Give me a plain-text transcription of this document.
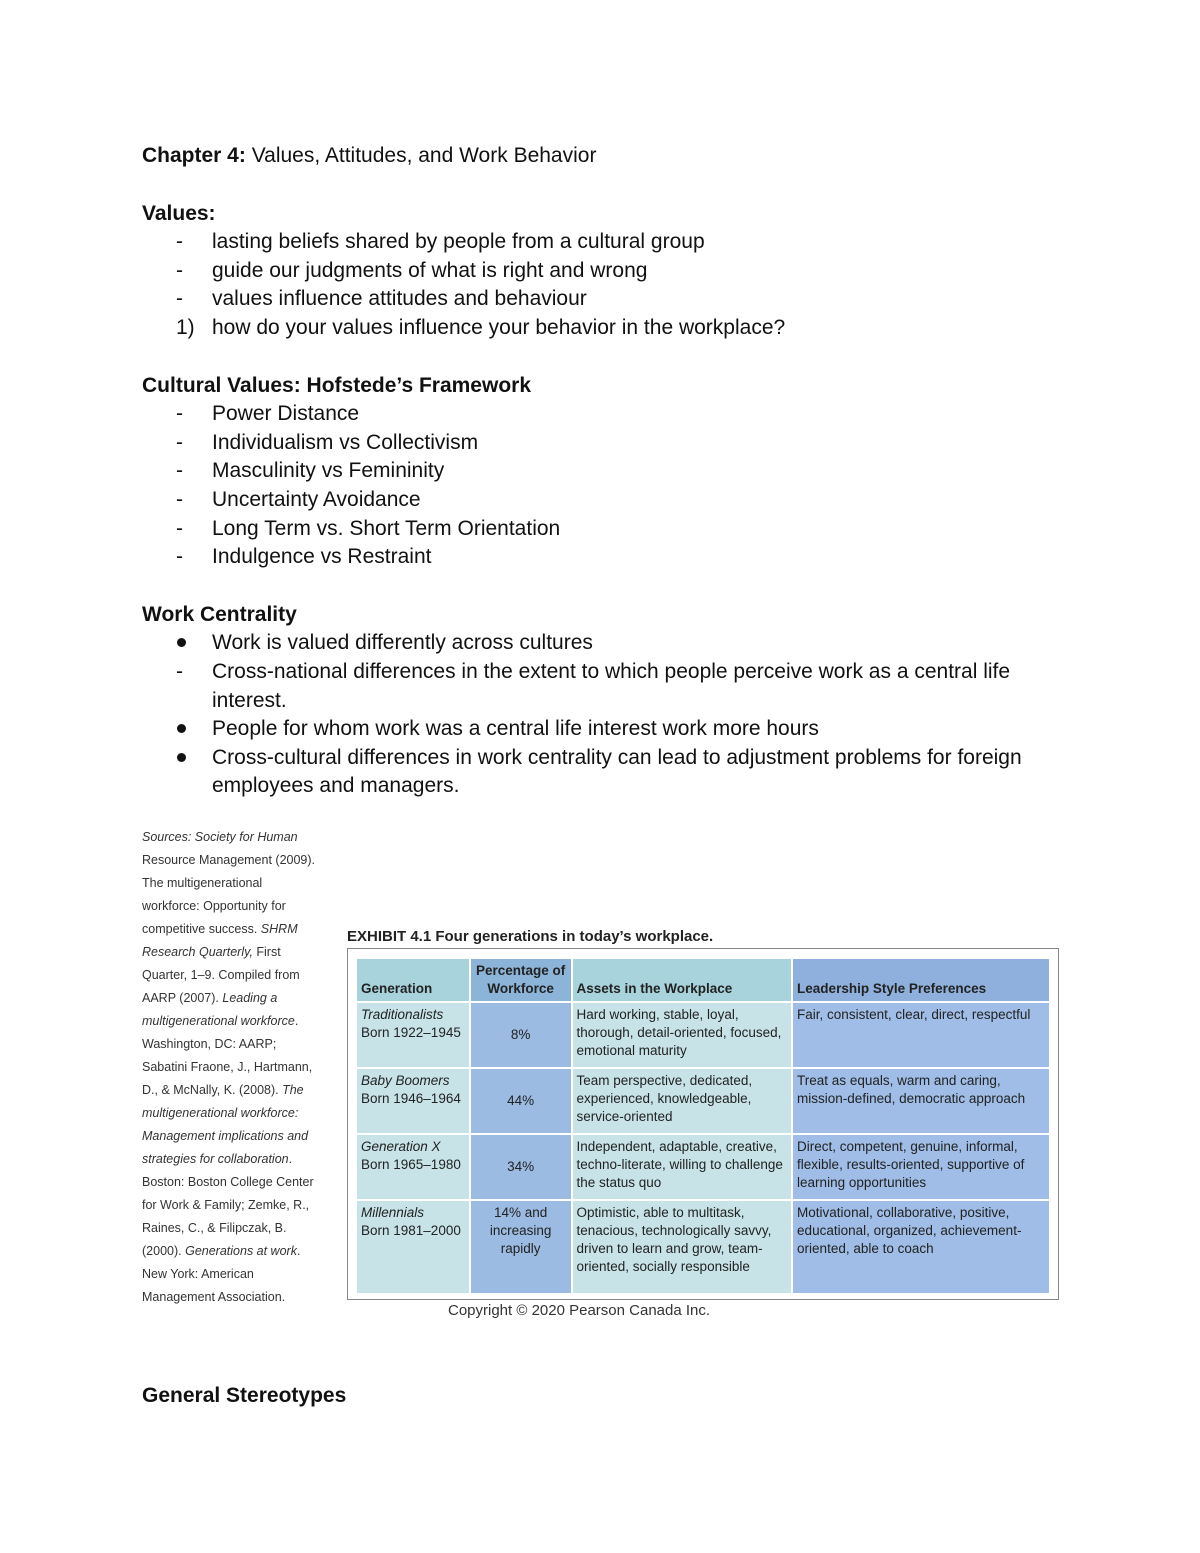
Chapter 4: Values, Attitudes, and Work Behavior

Values:
-	lasting beliefs shared by people from a cultural group
-	guide our judgments of what is right and wrong
-	values influence attitudes and behaviour
1) how do your values influence your behavior in the workplace?
Cultural Values: Hofstede’s Framework
-	Power Distance
-	Individualism vs Collectivism
-	Masculinity vs Femininity
-	Uncertainty Avoidance
-	Long Term vs. Short Term Orientation
-	Indulgence vs Restraint
Work Centrality
Work is valued differently across cultures
-	Cross-national differences in the extent to which people perceive work as a central life interest.
People for whom work was a central life interest work more hours
Cross-cultural differences in work centrality can lead to adjustment problems for foreign employees and managers.
Sources: Society for Human
Resource Management (2009).
The multigenerational
workforce: Opportunity for
competitive success. SHRM
Research Quarterly, First
Quarter, 1–9. Compiled from
AARP (2007). Leading a
multigenerational workforce.
Washington, DC: AARP;
Sabatini Fraone, J., Hartmann,
D., & McNally, K. (2008). The
multigenerational workforce:
Management implications and
strategies for collaboration.
Boston: Boston College Center
for Work & Family; Zemke, R.,
Raines, C., & Filipczak, B.
(2000). Generations at work.
New York: American
Management Association.
EXHIBIT 4.1 Four generations in today’s workplace.
Generation	Percentage of Workforce	Assets in the Workplace	Leadership Style Preferences

Traditionalists
Born 1922–1945	8%	Hard working, stable, loyal, thorough, detail-oriented, focused, emotional maturity	Fair, consistent, clear, direct, respectful

Baby Boomers
Born 1946–1964	44%	Team perspective, dedicated, experienced, knowledgeable, service-oriented	Treat as equals, warm and caring, mission-defined, democratic approach

Generation X
Born 1965–1980	34%	Independent, adaptable, creative, techno-literate, willing to challenge the status quo	Direct, competent, genuine, informal, flexible, results-oriented, supportive of learning opportunities

Millennials
Born 1981–2000	14% and increasing rapidly	Optimistic, able to multitask, tenacious, technologically savvy, driven to learn and grow, team-oriented, socially responsible	Motivational, collaborative, positive, educational, organized, achievement-oriented, able to coach
Copyright © 2020 Pearson Canada Inc.
General Stereotypes
